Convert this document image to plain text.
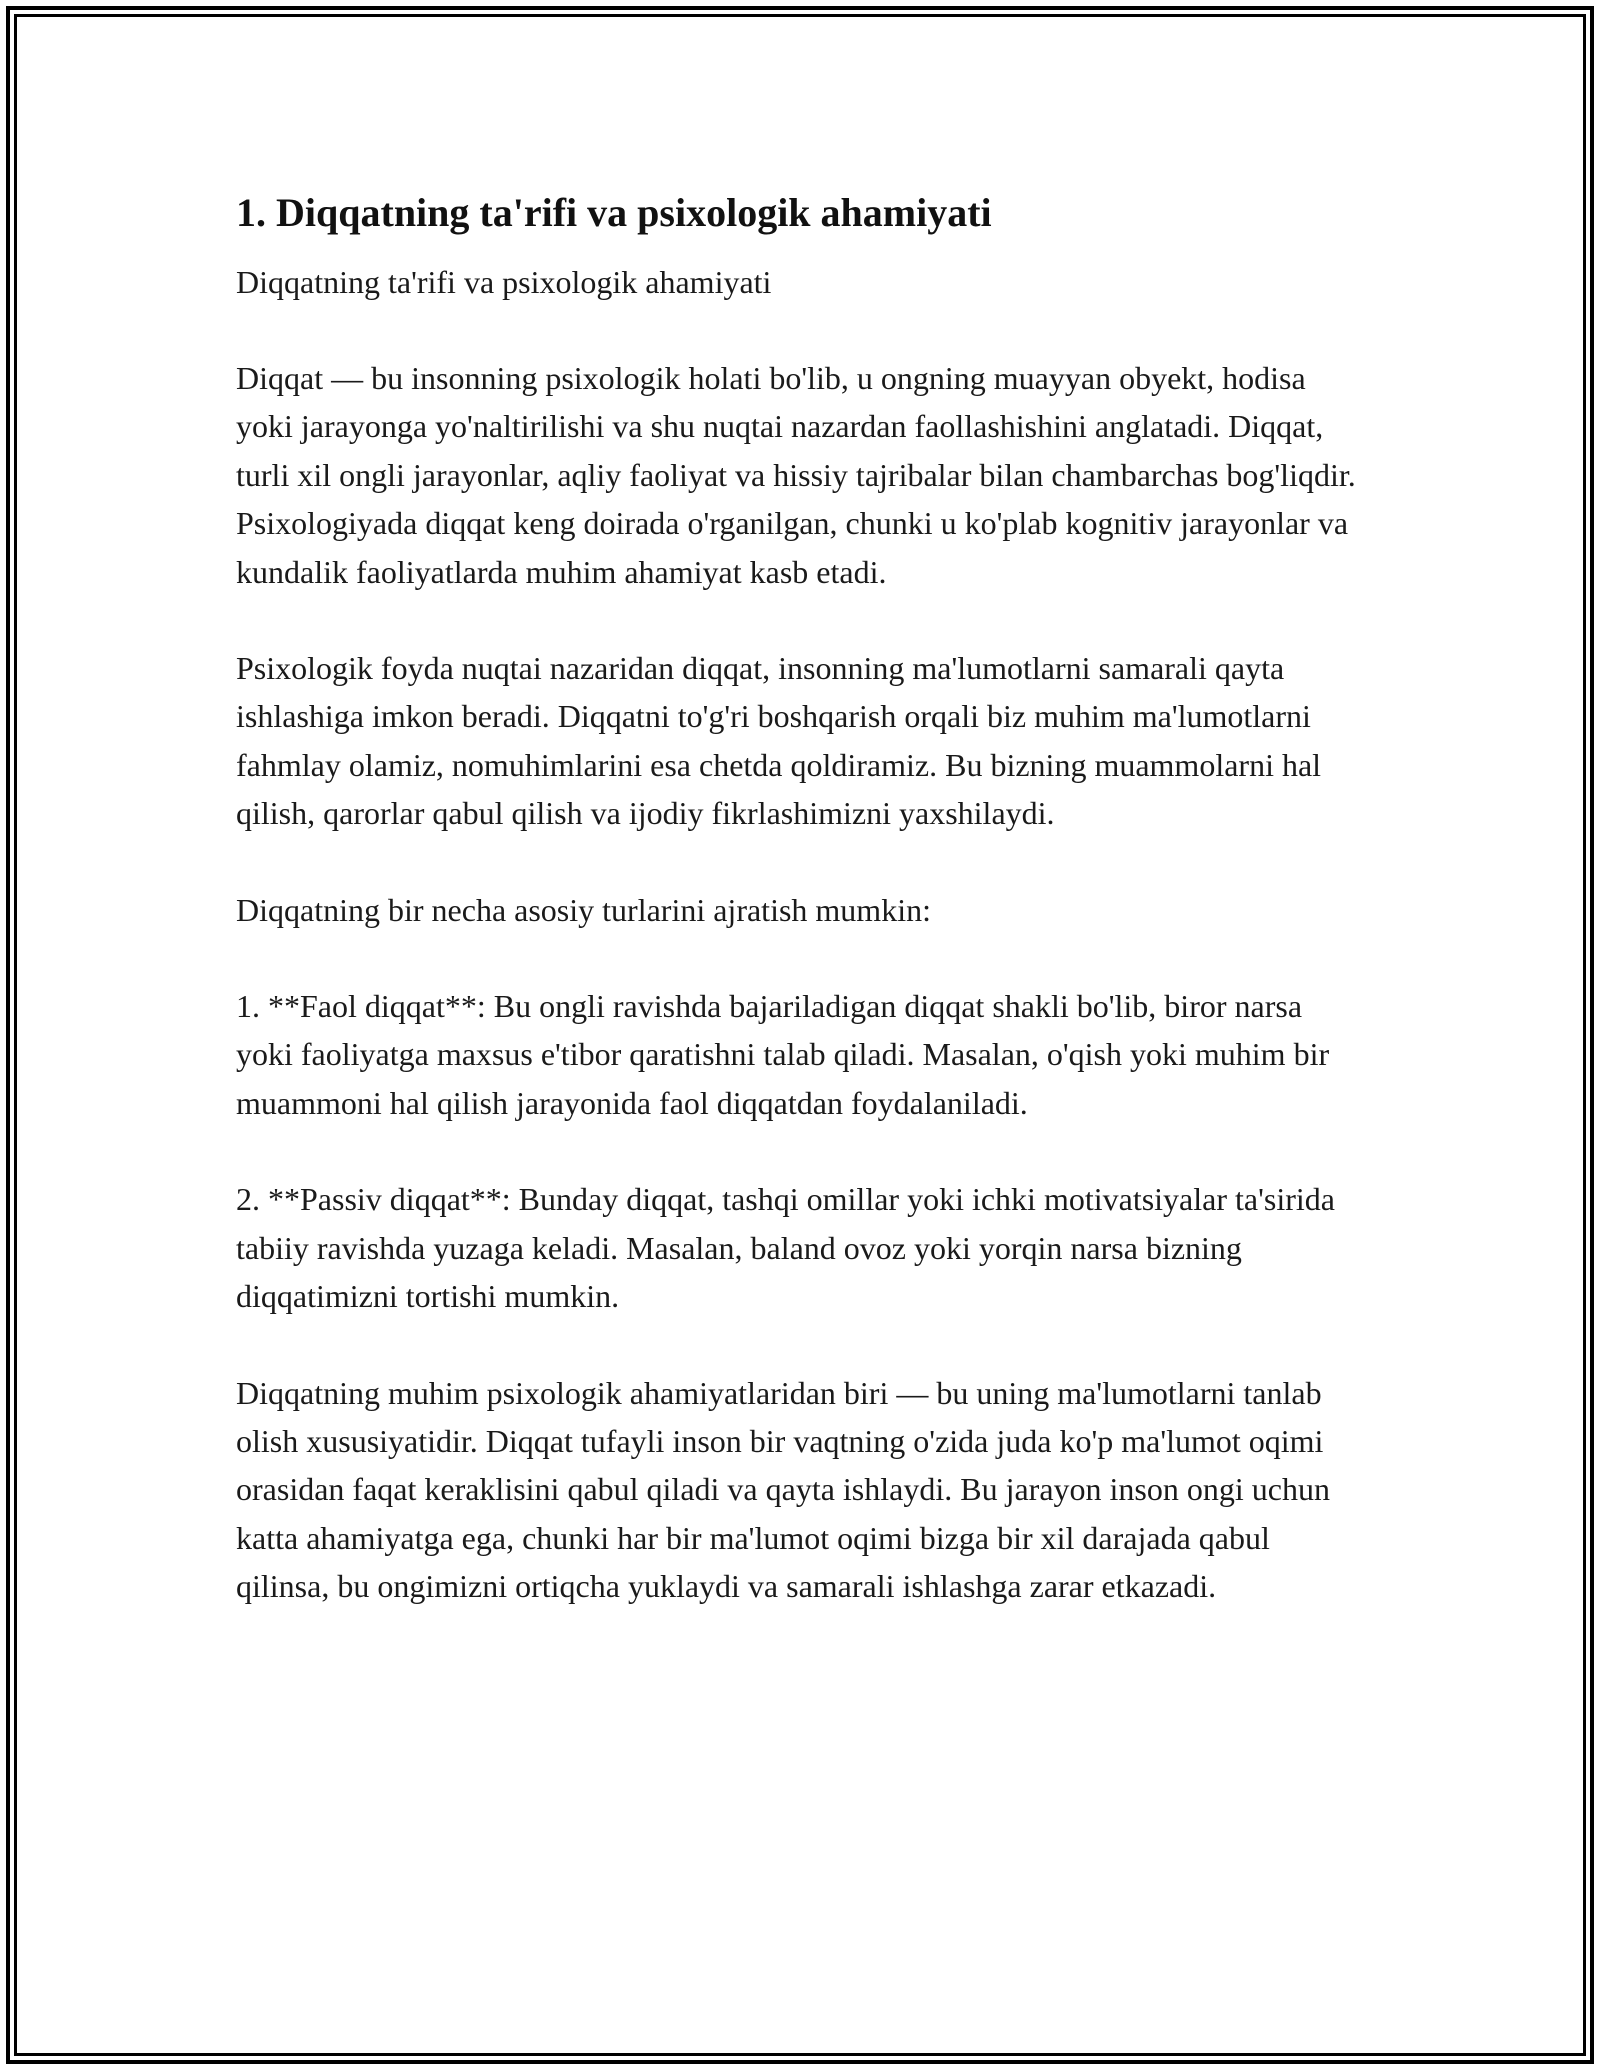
1. Diqqatning ta'rifi va psixologik ahamiyati

Diqqatning ta'rifi va psixologik ahamiyati

Diqqat — bu insonning psixologik holati bo'lib, u ongning muayyan obyekt, hodisa yoki jarayonga yo'naltirilishi va shu nuqtai nazardan faollashishini anglatadi. Diqqat, turli xil ongli jarayonlar, aqliy faoliyat va hissiy tajribalar bilan chambarchas bog'liqdir. Psixologiyada diqqat keng doirada o'rganilgan, chunki u ko'plab kognitiv jarayonlar va kundalik faoliyatlarda muhim ahamiyat kasb etadi.

Psixologik foyda nuqtai nazaridan diqqat, insonning ma'lumotlarni samarali qayta ishlashiga imkon beradi. Diqqatni to'g'ri boshqarish orqali biz muhim ma'lumotlarni fahmlay olamiz, nomuhimlarini esa chetda qoldiramiz. Bu bizning muammolarni hal qilish, qarorlar qabul qilish va ijodiy fikrlashimizni yaxshilaydi.

Diqqatning bir necha asosiy turlarini ajratish mumkin:

1. **Faol diqqat**: Bu ongli ravishda bajariladigan diqqat shakli bo'lib, biror narsa yoki faoliyatga maxsus e'tibor qaratishni talab qiladi. Masalan, o'qish yoki muhim bir muammoni hal qilish jarayonida faol diqqatdan foydalaniladi.

2. **Passiv diqqat**: Bunday diqqat, tashqi omillar yoki ichki motivatsiyalar ta'sirida tabiiy ravishda yuzaga keladi. Masalan, baland ovoz yoki yorqin narsa bizning diqqatimizni tortishi mumkin.

Diqqatning muhim psixologik ahamiyatlaridan biri — bu uning ma'lumotlarni tanlab olish xususiyatidir. Diqqat tufayli inson bir vaqtning o'zida juda ko'p ma'lumot oqimi orasidan faqat keraklisini qabul qiladi va qayta ishlaydi. Bu jarayon inson ongi uchun katta ahamiyatga ega, chunki har bir ma'lumot oqimi bizga bir xil darajada qabul qilinsa, bu ongimizni ortiqcha yuklaydi va samarali ishlashga zarar etkazadi.
